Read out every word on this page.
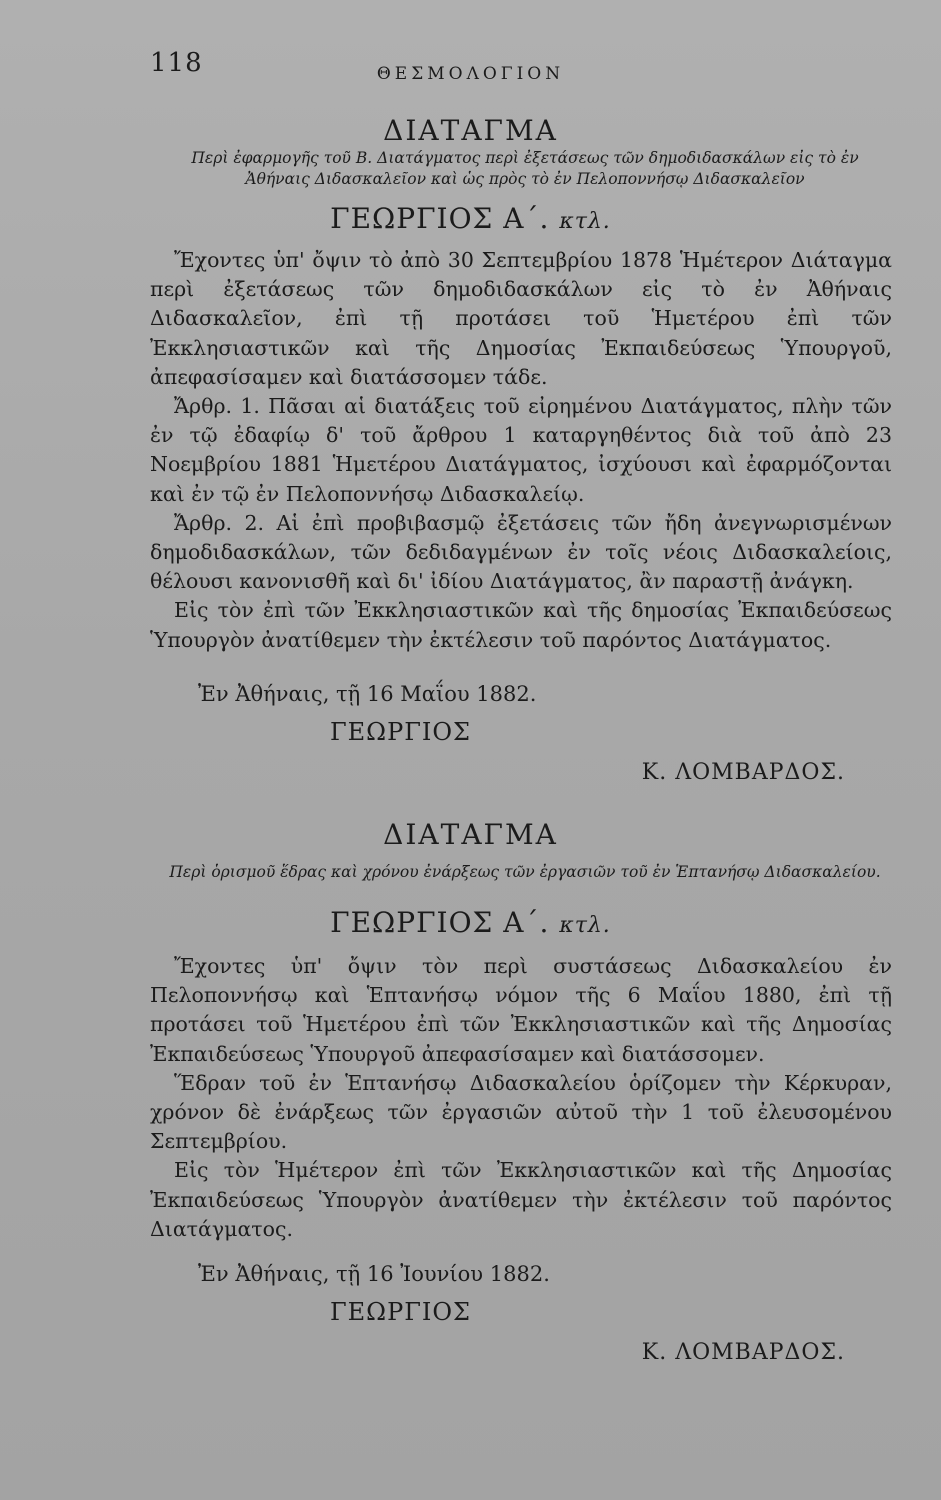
118	ΘΕΣΜΟΛΟΓΙΟΝ
ΔΙΑΤΑΓΜΑ
Περὶ ἐφαρμογῆς τοῦ Β. Διατάγματος περὶ ἐξετάσεως τῶν δημοδιδασκάλων εἰς τὸ ἐν Ἀθήναις Διδασκαλεῖον καὶ ὡς πρὸς τὸ ἐν Πελοποννήσῳ Διδασκαλεῖον
ΓΕΩΡΓΙΟΣ Α΄. κτλ.

Ἔχοντες ὑπ' ὄψιν τὸ ἀπὸ 30 Σεπτεμβρίου 1878 Ἡμέτερον Διάταγμα περὶ ἐξετάσεως τῶν δημοδιδασκάλων εἰς τὸ ἐν Ἀθήναις Διδασκαλεῖον, ἐπὶ τῇ προτάσει τοῦ Ἡμετέρου ἐπὶ τῶν Ἐκκλησιαστικῶν καὶ τῆς Δημοσίας Ἐκπαιδεύσεως Ὑπουργοῦ, ἀπεφασίσαμεν καὶ διατάσσομεν τάδε.

Ἄρθρ. 1. Πᾶσαι αἱ διατάξεις τοῦ εἰρημένου Διατάγματος, πλὴν τῶν ἐν τῷ ἐδαφίῳ δ' τοῦ ἄρθρου 1 καταργηθέντος διὰ τοῦ ἀπὸ 23 Νοεμβρίου 1881 Ἡμετέρου Διατάγματος, ἰσχύουσι καὶ ἐφαρμόζονται καὶ ἐν τῷ ἐν Πελοποννήσῳ Διδασκαλείῳ.

Ἄρθρ. 2. Αἱ ἐπὶ προβιβασμῷ ἐξετάσεις τῶν ἤδη ἀνεγνωρισμένων δημοδιδασκάλων, τῶν δεδιδαγμένων ἐν τοῖς νέοις Διδασκαλείοις, θέλουσι κανονισθῆ καὶ δι' ἰδίου Διατάγματος, ἂν παραστῇ ἀνάγκη.

Εἰς τὸν ἐπὶ τῶν Ἐκκλησιαστικῶν καὶ τῆς δημοσίας Ἐκπαιδεύσεως Ὑπουργὸν ἀνατίθεμεν τὴν ἐκτέλεσιν τοῦ παρόντος Διατάγματος.

Ἐν Ἀθήναις, τῇ 16 Μαΐου 1882.
ΓΕΩΡΓΙΟΣ
Κ. ΛΟΜΒΑΡΔΟΣ.
ΔΙΑΤΑΓΜΑ
Περὶ ὁρισμοῦ ἕδρας καὶ χρόνου ἐνάρξεως τῶν ἐργασιῶν τοῦ ἐν Ἑπτανήσῳ Διδασκαλείου.
ΓΕΩΡΓΙΟΣ Α΄. κτλ.

Ἔχοντες ὑπ' ὄψιν τὸν περὶ συστάσεως Διδασκαλείου ἐν Πελοποννήσῳ καὶ Ἑπτανήσῳ νόμον τῆς 6 Μαΐου 1880, ἐπὶ τῇ προτάσει τοῦ Ἡμετέρου ἐπὶ τῶν Ἐκκλησιαστικῶν καὶ τῆς Δημοσίας Ἐκπαιδεύσεως Ὑπουργοῦ ἀπεφασίσαμεν καὶ διατάσσομεν.

Ἕδραν τοῦ ἐν Ἑπτανήσῳ Διδασκαλείου ὁρίζομεν τὴν Κέρκυραν, χρόνον δὲ ἐνάρξεως τῶν ἐργασιῶν αὐτοῦ τὴν 1 τοῦ ἐλευσομένου Σεπτεμβρίου.

Εἰς τὸν Ἡμέτερον ἐπὶ τῶν Ἐκκλησιαστικῶν καὶ τῆς Δημοσίας Ἐκπαιδεύσεως Ὑπουργὸν ἀνατίθεμεν τὴν ἐκτέλεσιν τοῦ παρόντος Διατάγματος.

Ἐν Ἀθήναις, τῇ 16 Ἰουνίου 1882.
ΓΕΩΡΓΙΟΣ
Κ. ΛΟΜΒΑΡΔΟΣ.
